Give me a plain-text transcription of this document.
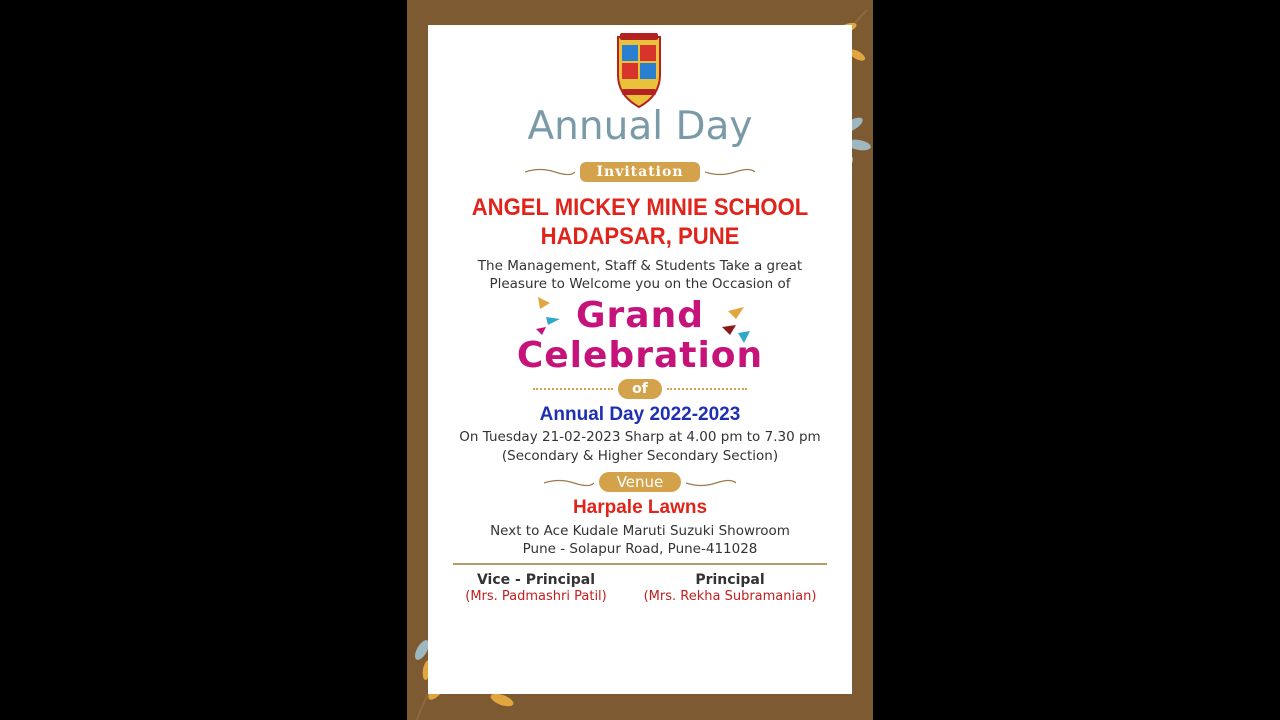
Annual Day
Invitation
ANGEL MICKEY MINIE SCHOOL
HADAPSAR, PUNE
The Management, Staff & Students Take a great
Pleasure to Welcome you on the Occasion of
Grand
Celebration
of
Annual Day 2022-2023
On Tuesday 21-02-2023 Sharp at 4.00 pm to 7.30 pm
(Secondary & Higher Secondary Section)
Venue
Harpale Lawns
Next to Ace Kudale Maruti Suzuki Showroom
Pune - Solapur Road, Pune-411028
Vice - Principal
(Mrs. Padmashri Patil)
Principal
(Mrs. Rekha Subramanian)
